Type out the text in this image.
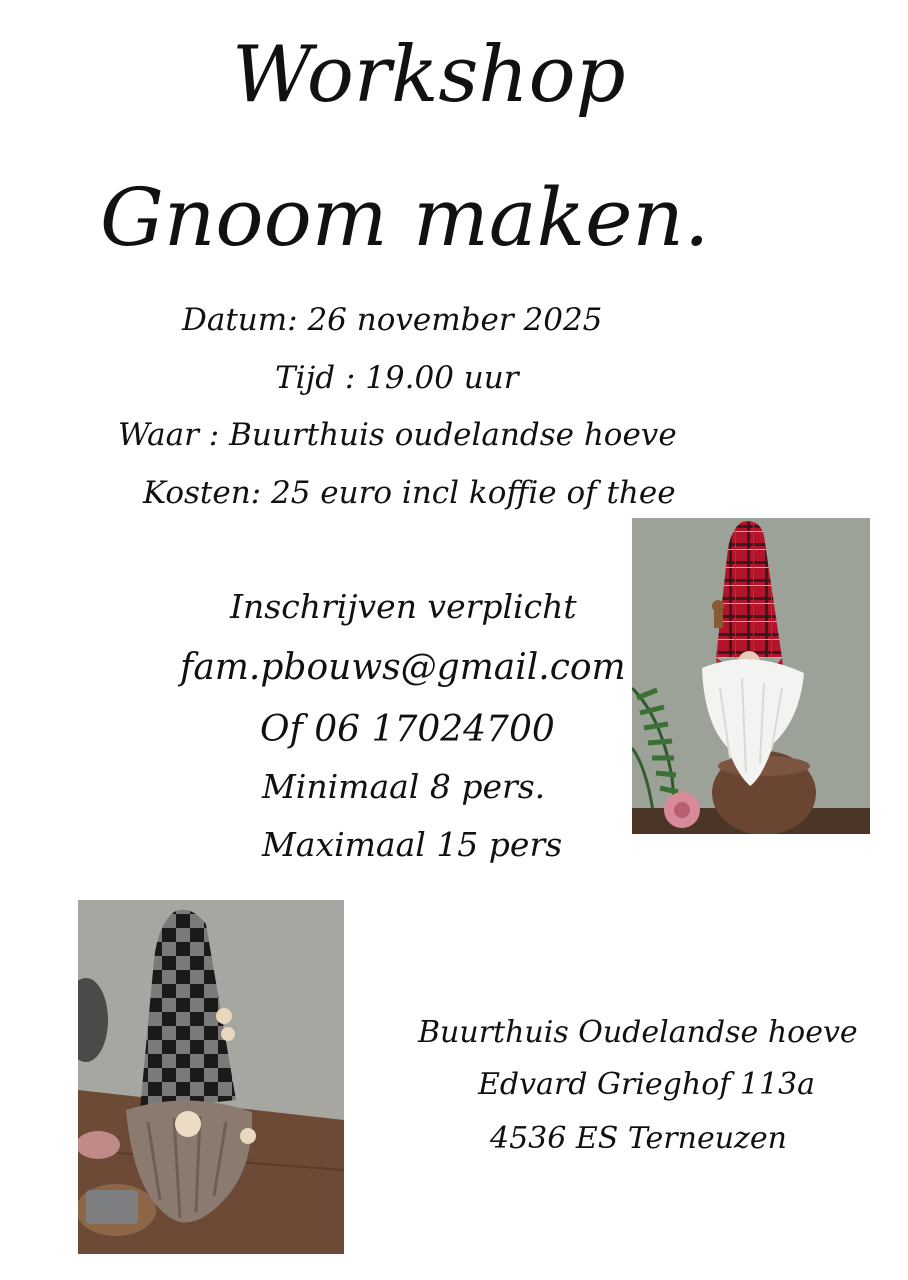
Workshop
Gnoom maken.
Datum: 26 november 2025
Tijd : 19.00 uur
Waar : Buurthuis oudelandse hoeve
Kosten: 25 euro incl koffie of thee
Inschrijven verplicht
fam.pbouws@gmail.com
Of 06 17024700
Minimaal 8 pers.
Maximaal 15 pers
Buurthuis Oudelandse hoeve
Edvard Grieghof 113a
4536 ES Terneuzen
